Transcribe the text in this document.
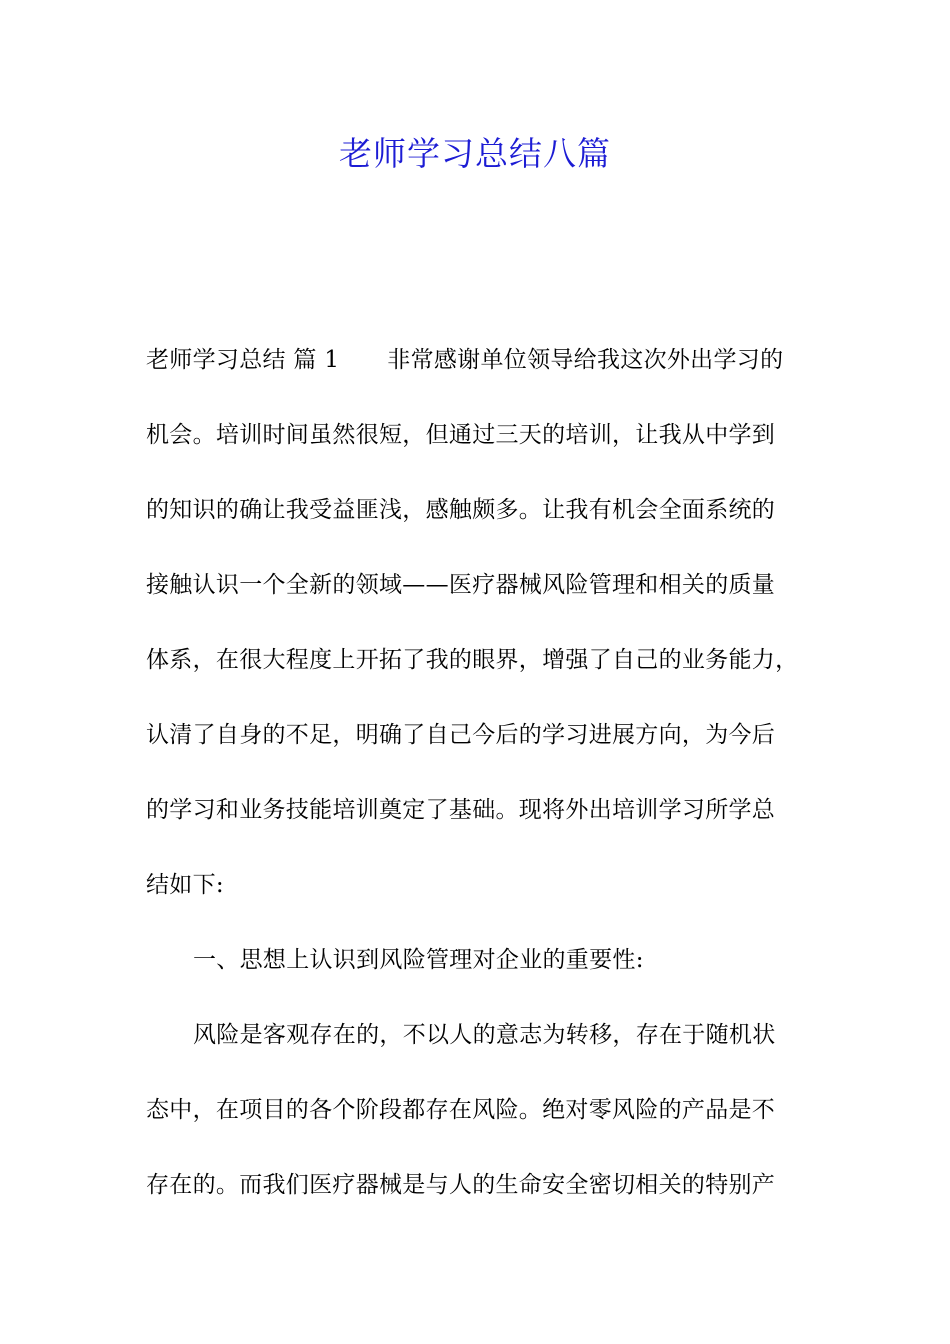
老师学习总结八篇
老师学习总结 篇 1 非常感谢单位领导给我这次外出学习的
机会。培训时间虽然很短，但通过三天的培训，让我从中学到
的知识的确让我受益匪浅，感触颇多。让我有机会全面系统的
接触认识一个全新的领域——医疗器械风险管理和相关的质量
体系，在很大程度上开拓了我的眼界，增强了自己的业务能力，
认清了自身的不足，明确了自己今后的学习进展方向，为今后
的学习和业务技能培训奠定了基础。现将外出培训学习所学总
结如下:
一、思想上认识到风险管理对企业的重要性:
风险是客观存在的，不以人的意志为转移，存在于随机状
态中，在项目的各个阶段都存在风险。绝对零风险的产品是不
存在的。而我们医疗器械是与人的生命安全密切相关的特别产
